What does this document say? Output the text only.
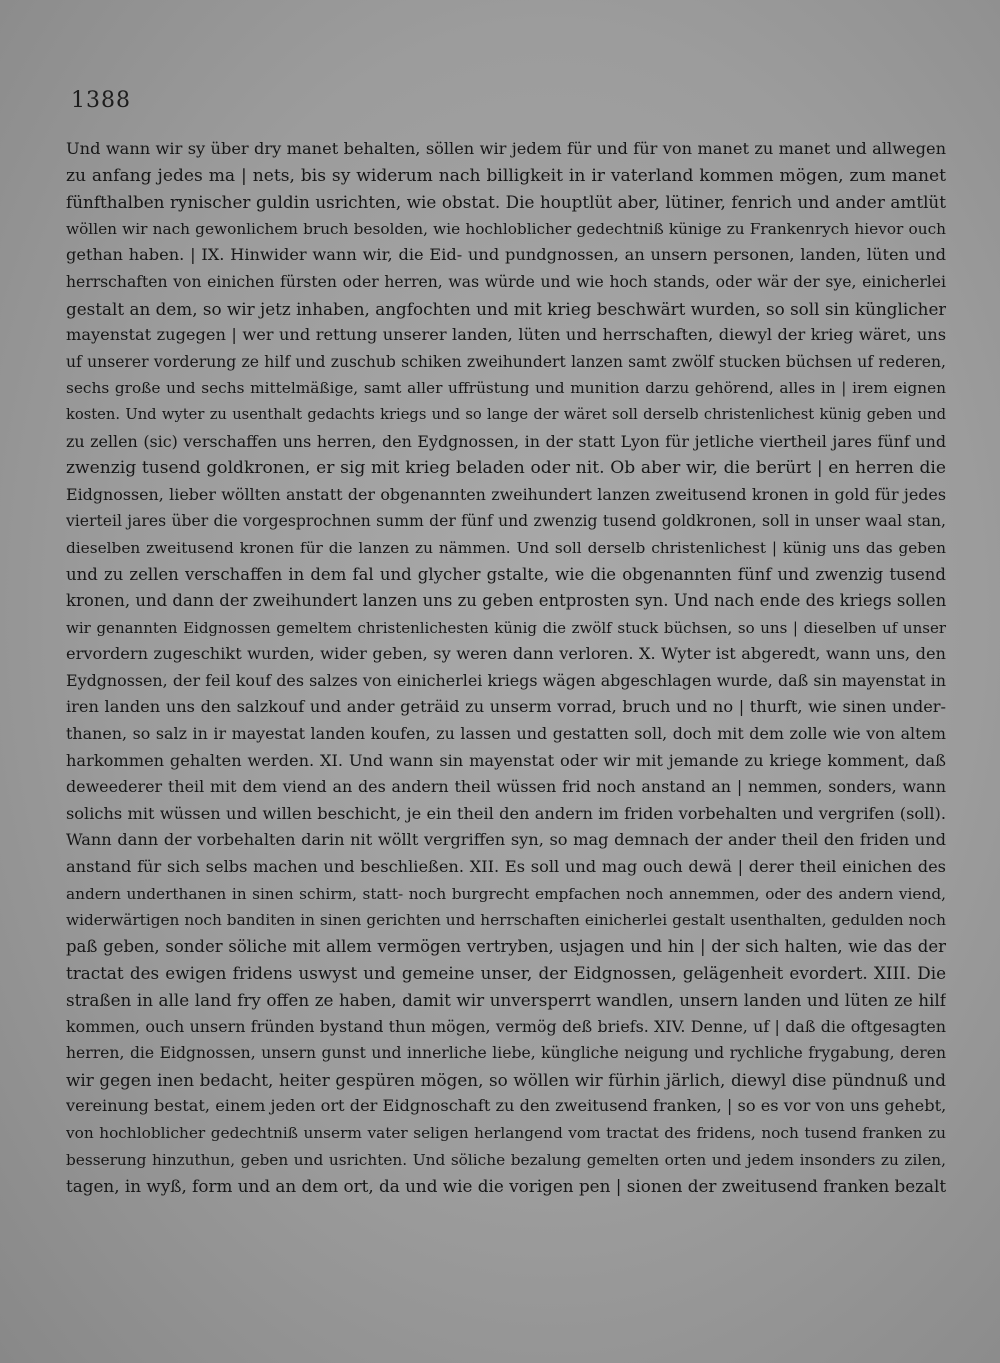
1388
Und wann wir sy über dry manet behalten, söllen wir jedem für und für von manet zu manet und allwegen
zu anfang jedes ma | nets, bis sy widerum nach billigkeit in ir vaterland kommen mögen, zum manet
fünfthalben rynischer guldin usrichten, wie obstat. Die houptlüt aber, lütiner, fenrich und ander amtlüt
wöllen wir nach gewonlichem bruch besolden, wie hochloblicher gedechtniß künige zu Frankenrych hievor ouch
gethan haben. | IX. Hinwider wann wir, die Eid- und pundgnossen, an unsern personen, landen, lüten und
herrschaften von einichen fürsten oder herren, was würde und wie hoch stands, oder wär der sye, einicherlei
gestalt an dem, so wir jetz inhaben, angfochten und mit krieg beschwärt wurden, so soll sin künglicher
mayenstat zugegen | wer und rettung unserer landen, lüten und herrschaften, diewyl der krieg wäret, uns
uf unserer vorderung ze hilf und zuschub schiken zweihundert lanzen samt zwölf stucken büchsen uf rederen,
sechs große und sechs mittelmäßige, samt aller uffrüstung und munition darzu gehörend, alles in | irem eignen
kosten. Und wyter zu usenthalt gedachts kriegs und so lange der wäret soll derselb christenlichest künig geben und
zu zellen (sic) verschaffen uns herren, den Eydgnossen, in der statt Lyon für jetliche viertheil jares fünf und
zwenzig tusend goldkronen, er sig mit krieg beladen oder nit. Ob aber wir, die berürt | en herren die
Eidgnossen, lieber wöllten anstatt der obgenannten zweihundert lanzen zweitusend kronen in gold für jedes
vierteil jares über die vorgesprochnen summ der fünf und zwenzig tusend goldkronen, soll in unser waal stan,
dieselben zweitusend kronen für die lanzen zu nämmen. Und soll derselb christenlichest | künig uns das geben
und zu zellen verschaffen in dem fal und glycher gstalte, wie die obgenannten fünf und zwenzig tusend
kronen, und dann der zweihundert lanzen uns zu geben entprosten syn. Und nach ende des kriegs sollen
wir genannten Eidgnossen gemeltem christenlichesten künig die zwölf stuck büchsen, so uns | dieselben uf unser
ervordern zugeschikt wurden, wider geben, sy weren dann verloren. X. Wyter ist abgeredt, wann uns, den
Eydgnossen, der feil kouf des salzes von einicherlei kriegs wägen abgeschlagen wurde, daß sin mayenstat in
iren landen uns den salzkouf und ander geträid zu unserm vorrad, bruch und no | thurft, wie sinen under-
thanen, so salz in ir mayestat landen koufen, zu lassen und gestatten soll, doch mit dem zolle wie von altem
harkommen gehalten werden. XI. Und wann sin mayenstat oder wir mit jemande zu kriege komment, daß
deweederer theil mit dem viend an des andern theil wüssen frid noch anstand an | nemmen, sonders, wann
solichs mit wüssen und willen beschicht, je ein theil den andern im friden vorbehalten und vergrifen (soll).
Wann dann der vorbehalten darin nit wöllt vergriffen syn, so mag demnach der ander theil den friden und
anstand für sich selbs machen und beschließen. XII. Es soll und mag ouch dewä | derer theil einichen des
andern underthanen in sinen schirm, statt- noch burgrecht empfachen noch annemmen, oder des andern viend,
widerwärtigen noch banditen in sinen gerichten und herrschaften einicherlei gestalt usenthalten, gedulden noch
paß geben, sonder söliche mit allem vermögen vertryben, usjagen und hin | der sich halten, wie das der
tractat des ewigen fridens uswyst und gemeine unser, der Eidgnossen, gelägenheit evordert. XIII. Die
straßen in alle land fry offen ze haben, damit wir unversperrt wandlen, unsern landen und lüten ze hilf
kommen, ouch unsern fründen bystand thun mögen, vermög deß briefs. XIV. Denne, uf | daß die oftgesagten
herren, die Eidgnossen, unsern gunst und innerliche liebe, küngliche neigung und rychliche frygabung, deren
wir gegen inen bedacht, heiter gespüren mögen, so wöllen wir fürhin järlich, diewyl dise pündnuß und
vereinung bestat, einem jeden ort der Eidgnoschaft zu den zweitusend franken, | so es vor von uns gehebt,
von hochloblicher gedechtniß unserm vater seligen herlangend vom tractat des fridens, noch tusend franken zu
besserung hinzuthun, geben und usrichten. Und söliche bezalung gemelten orten und jedem insonders zu zilen,
tagen, in wyß, form und an dem ort, da und wie die vorigen pen | sionen der zweitusend franken bezalt
